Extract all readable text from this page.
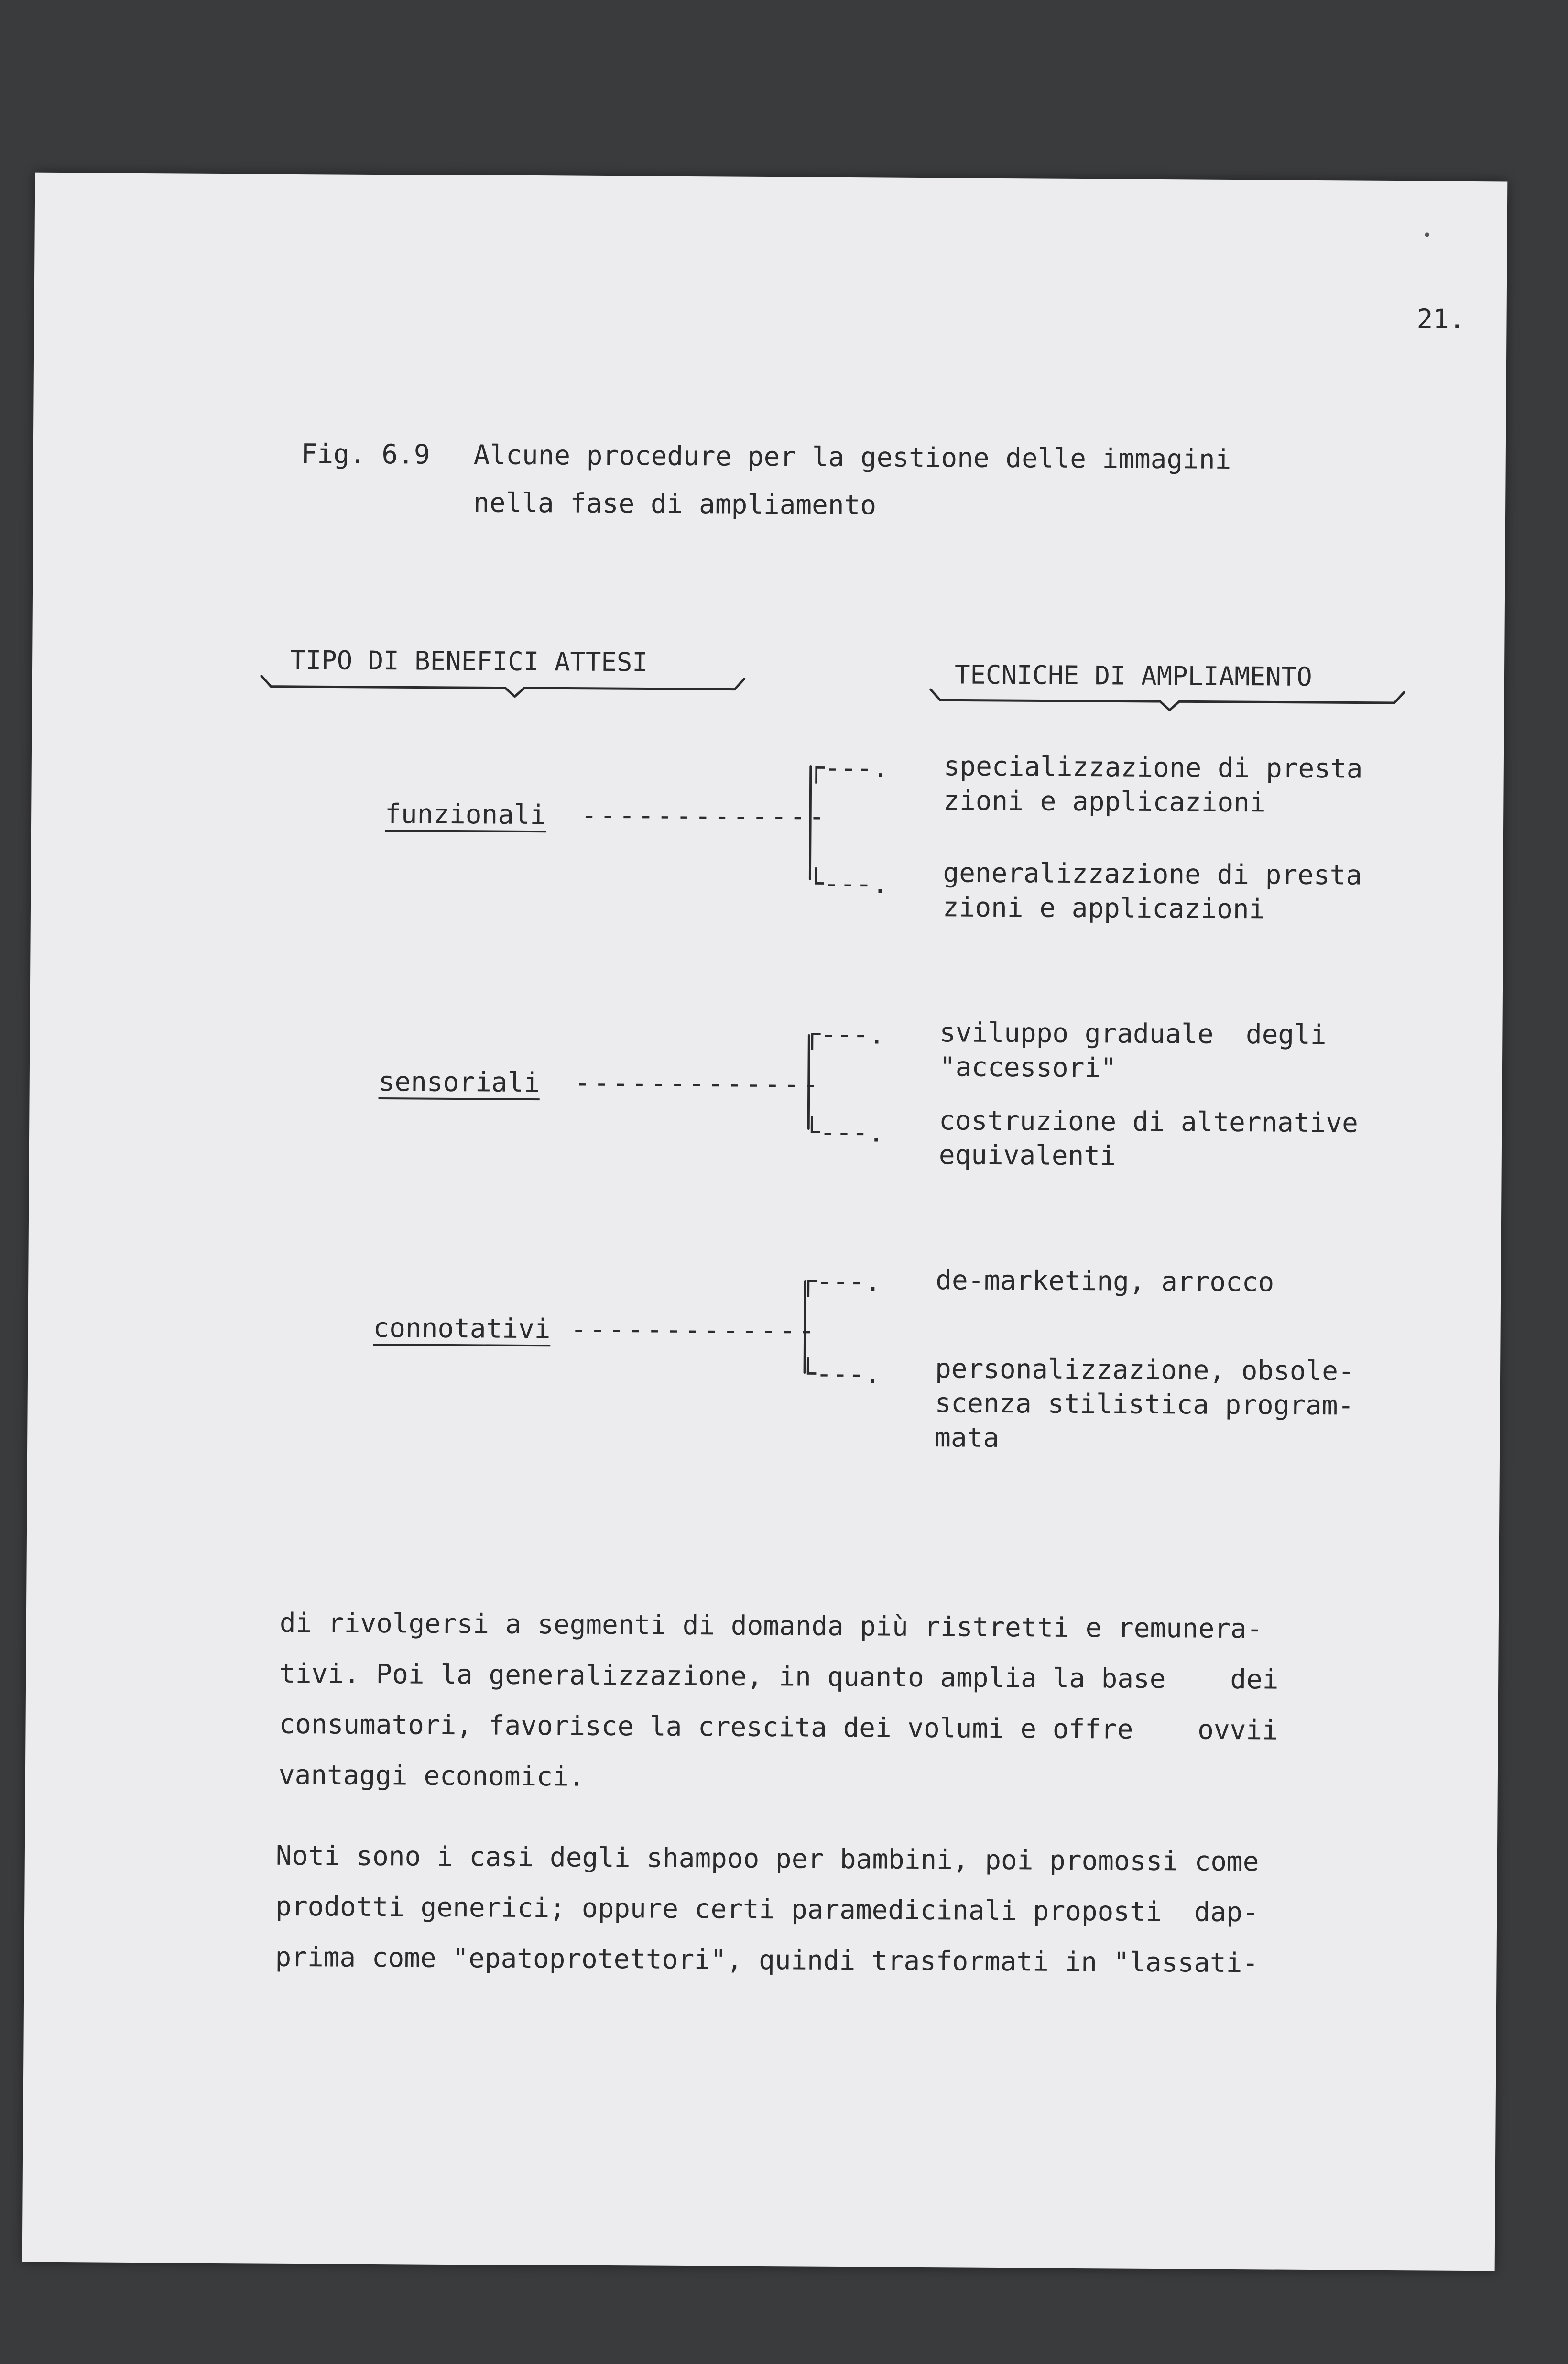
21.
Fig. 6.9 Alcune procedure per la gestione delle immagini
nella fase di ampliamento
TIPO DI BENEFICI ATTESI	TECNICHE DI AMPLIAMENTO
funzionali -------------
┌---.
└---.
specializzazione di presta
zioni e applicazioni
generalizzazione di presta
zioni e applicazioni
sensoriali -------------
┌---.
└---.
sviluppo graduale  degli
"accessori"
costruzione di alternative
equivalenti
connotativi -------------
┌---.
└---.
de-marketing, arrocco
personalizzazione, obsole-
scenza stilistica program-
mata
di rivolgersi a segmenti di domanda più ristretti e remunera-
tivi. Poi la generalizzazione, in quanto amplia la base    dei
consumatori, favorisce la crescita dei volumi e offre    ovvii
vantaggi economici.
Noti sono i casi degli shampoo per bambini, poi promossi come
prodotti generici; oppure certi paramedicinali proposti  dap-
prima come "epatoprotettori", quindi trasformati in "lassati-
